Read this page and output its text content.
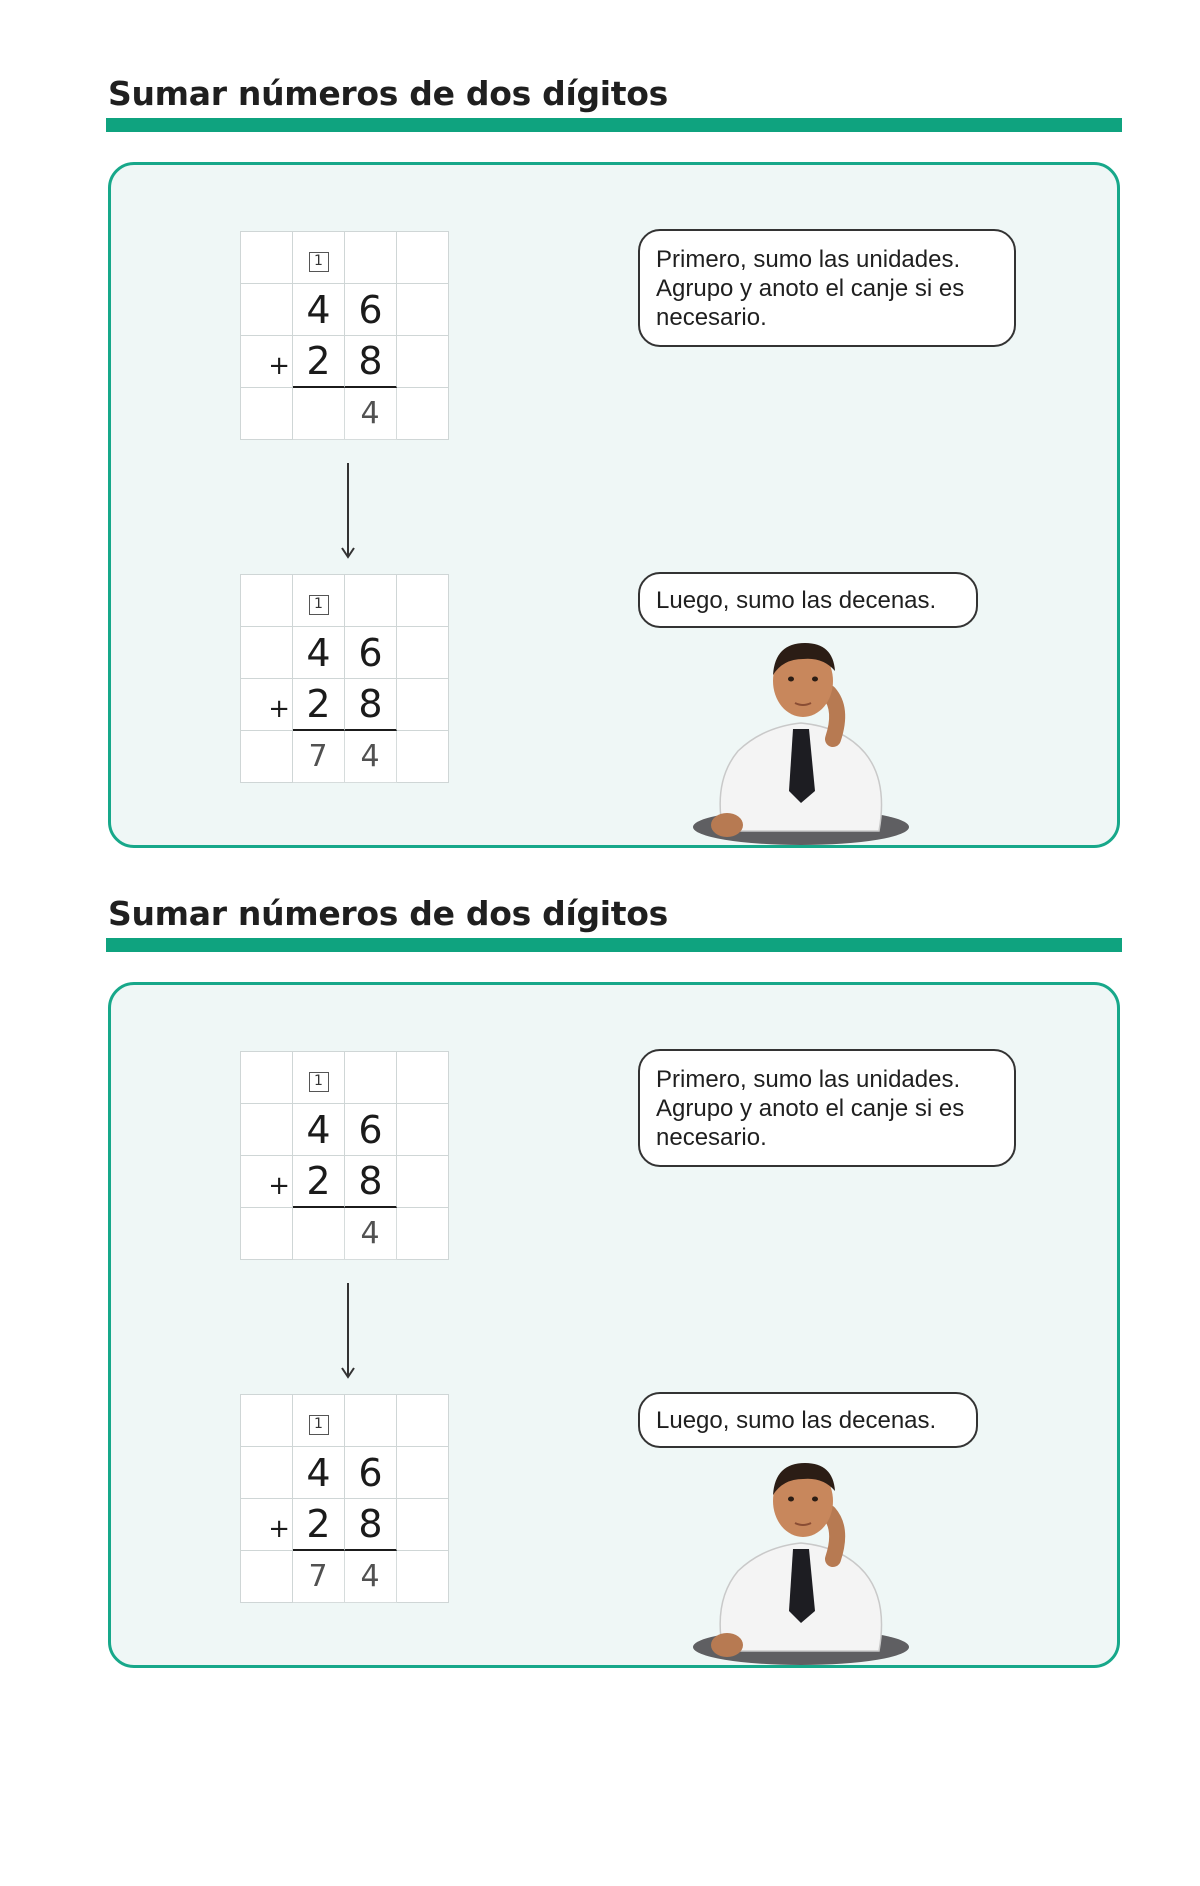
Sumar números de dos dígitos
1
4 6
+ 2 8
4
1
4 6
+ 2 8
7	4
Primero, sumo las unidades. Agrupo y anoto el canje si es necesario.
Luego, sumo las decenas.
Sumar números de dos dígitos
1
4 6
+ 2 8
4
1
4 6
+ 2 8
7	4
Primero, sumo las unidades. Agrupo y anoto el canje si es necesario.
Luego, sumo las decenas.
